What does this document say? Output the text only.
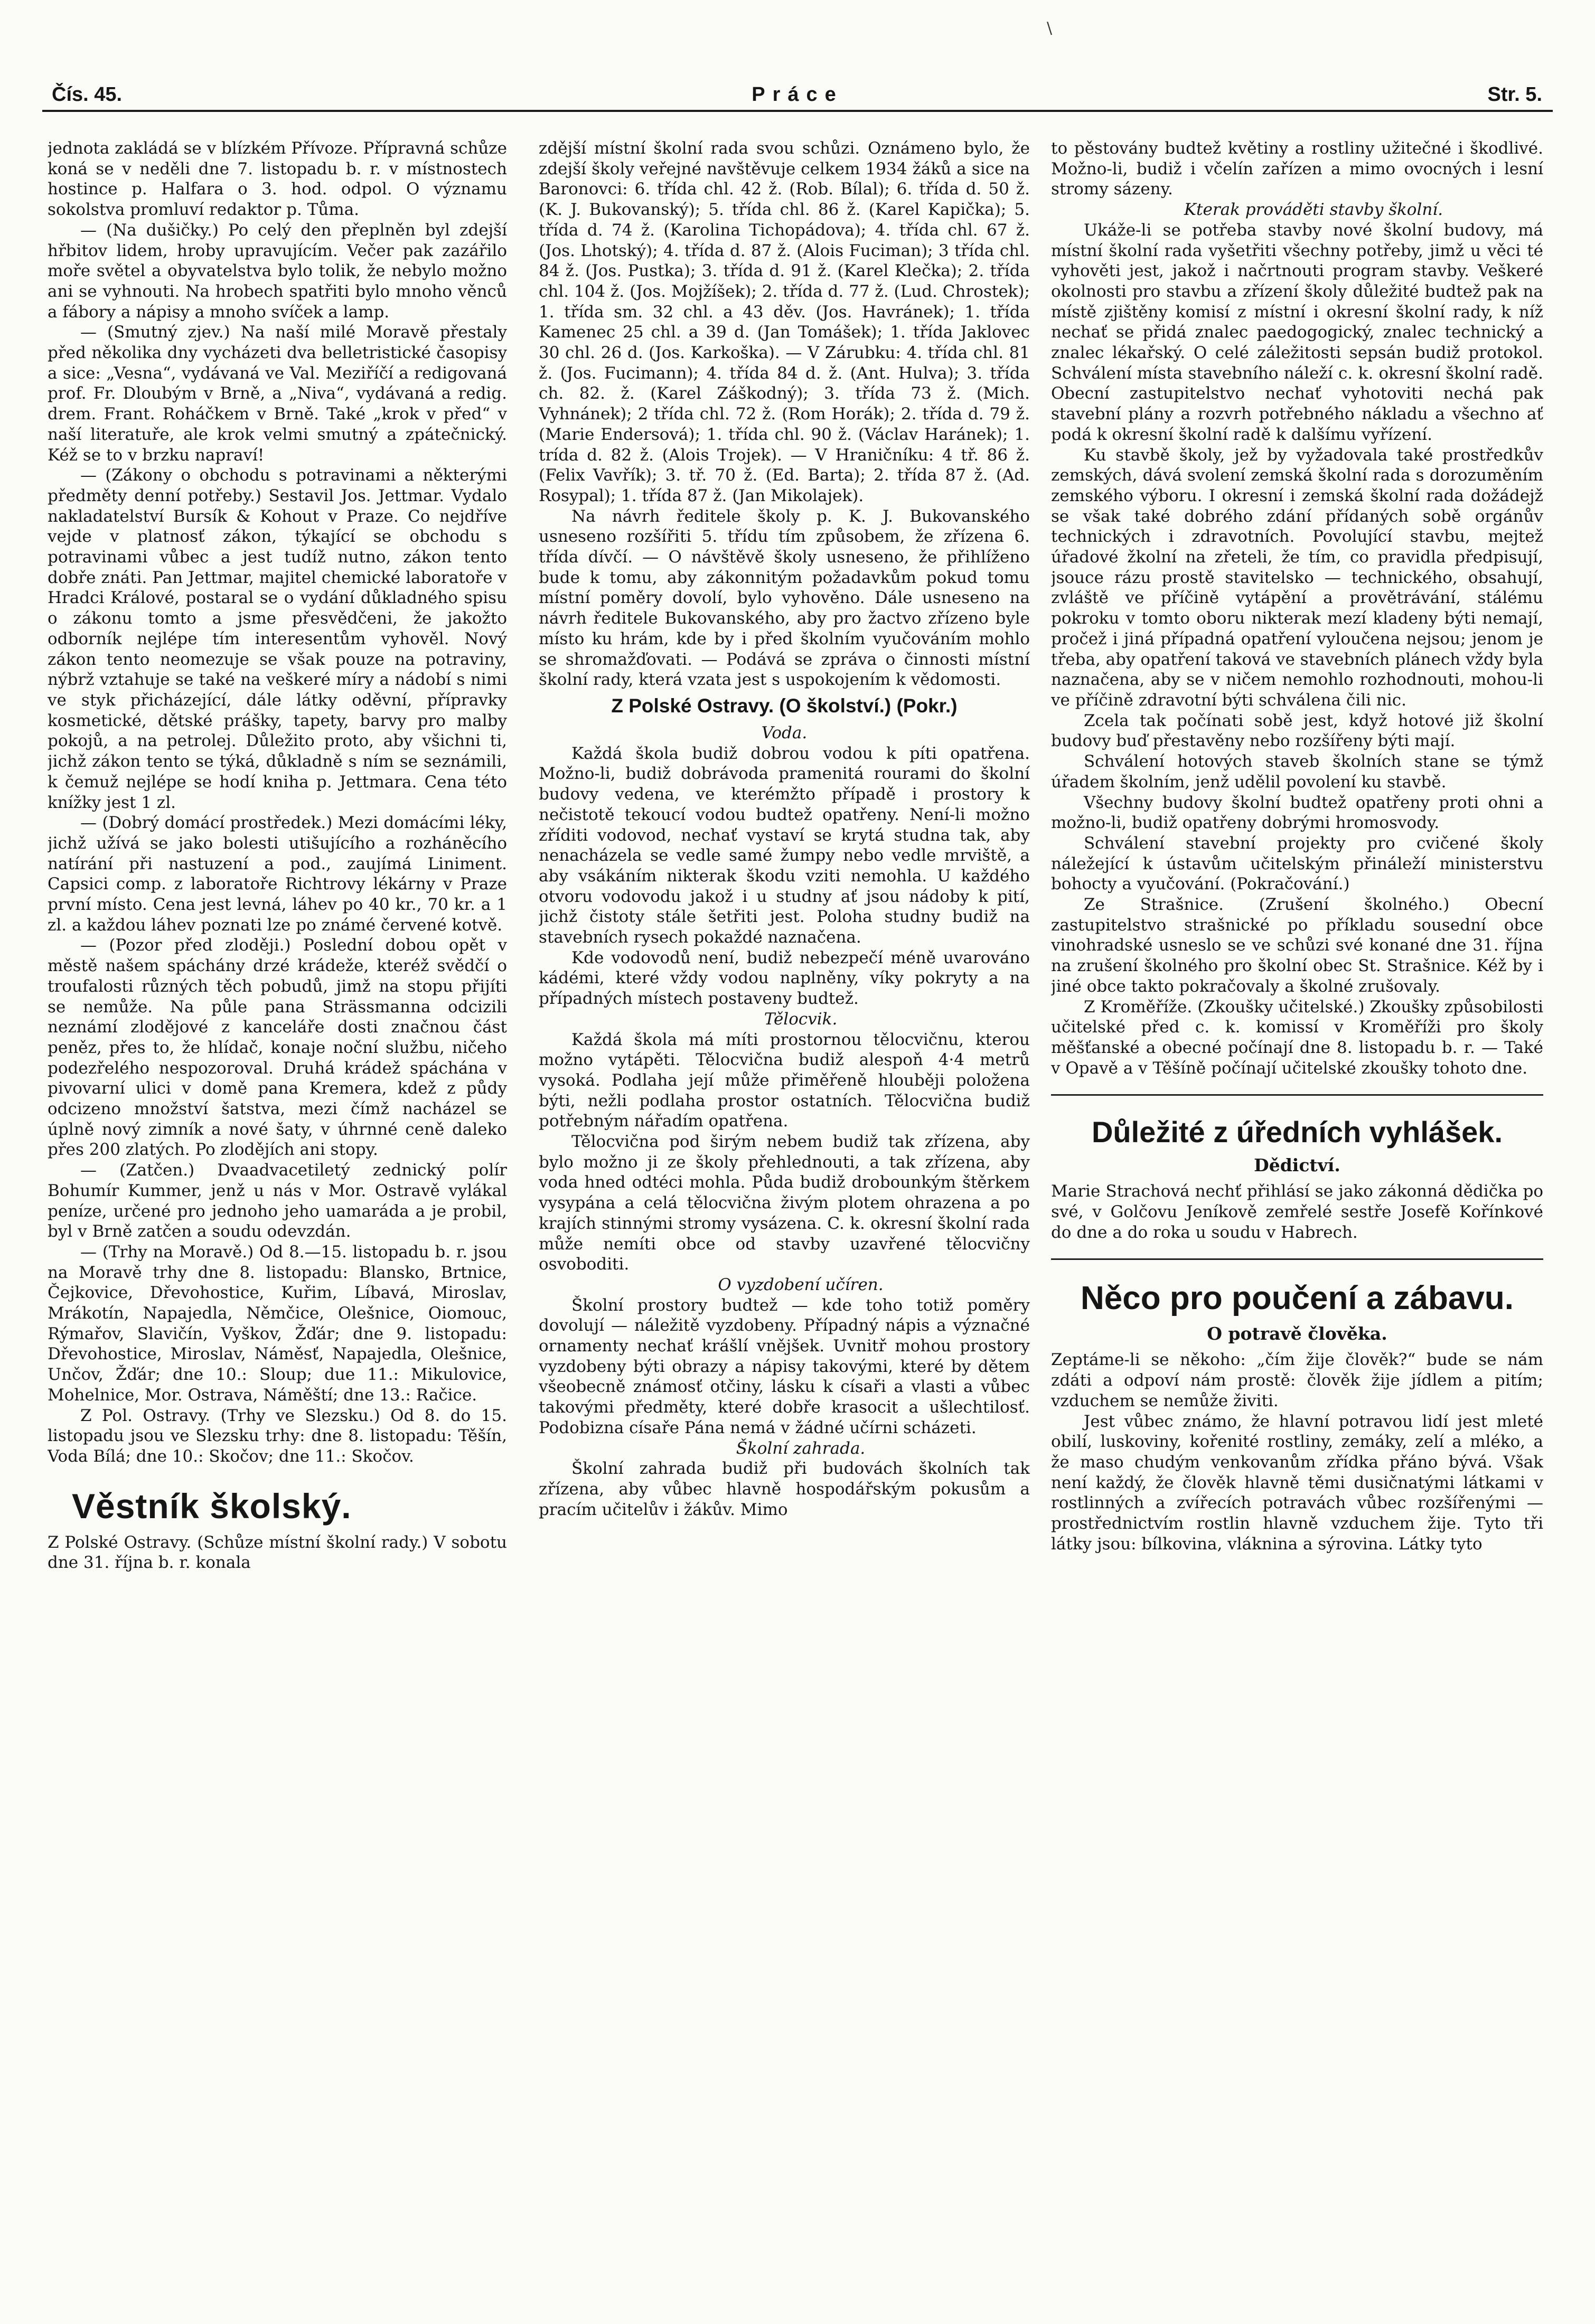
\
Čís. 45.	Práce	Str. 5.

jednota zakládá se v blízkém Přívoze. Přípravná schůze koná se v neděli dne 7. listopadu b. r. v místnostech hostince p. Halfara o 3. hod. odpol. O významu sokolstva promluví redaktor p. Tůma.

— (Na dušičky.) Po celý den přeplněn byl zdejší hřbitov lidem, hroby upravujícím. Večer pak zazářilo moře světel a obyvatelstva bylo tolik, že nebylo možno ani se vyhnouti. Na hrobech spatřiti bylo mnoho věnců a fábory a nápisy a mnoho svíček a lamp.

— (Smutný zjev.) Na naší milé Moravě přestaly před několika dny vycházeti dva belletristické časopisy a sice: „Vesna“, vydávaná ve Val. Meziříčí a redigovaná prof. Fr. Dloubým v Brně, a „Niva“, vydávaná a redig. drem. Frant. Roháčkem v Brně. Také „krok v před“ v naší literatuře, ale krok velmi smutný a zpátečnický. Kéž se to v brzku napraví!

— (Zákony o obchodu s potravinami a některými předměty denní potřeby.) Sestavil Jos. Jettmar. Vydalo nakladatelství Bursík & Kohout v Praze. Co nejdříve vejde v platnosť zákon, týkající se obchodu s potravinami vůbec a jest tudíž nutno, zákon tento dobře znáti. Pan Jettmar, majitel chemické laboratoře v Hradci Králové, postaral se o vydání důkladného spisu o zákonu tomto a jsme přesvědčeni, že jakožto odborník nejlépe tím interesentům vyhověl. Nový zákon tento neomezuje se však pouze na potraviny, nýbrž vztahuje se také na veškeré míry a nádobí s nimi ve styk přicházející, dále látky oděvní, přípravky kosmetické, dětské prášky, tapety, barvy pro malby pokojů, a na petrolej. Důležito proto, aby všichni ti, jichž zákon tento se týká, důkladně s ním se seznámili, k čemuž nejlépe se hodí kniha p. Jettmara. Cena této knížky jest 1 zl.

— (Dobrý domácí prostředek.) Mezi domácími léky, jichž užívá se jako bolesti utišujícího a rozháněcího natírání při nastuzení a pod., zaujímá Liniment. Capsici comp. z laboratoře Richtrovy lékárny v Praze první místo. Cena jest levná, láhev po 40 kr., 70 kr. a 1 zl. a každou láhev poznati lze po známé červené kotvě.

— (Pozor před zloději.) Poslední dobou opět v městě našem spáchány drzé krádeže, kteréž svědčí o troufalosti různých těch pobudů, jimž na stopu přijíti se nemůže. Na půle pana Strässmanna odcizili neznámí zlodějové z kanceláře dosti značnou část peněz, přes to, že hlídač, konaje noční službu, ničeho podezřelého nespozoroval. Druhá krádež spáchána v pivovarní ulici v domě pana Kremera, kdež z půdy odcizeno množství šatstva, mezi čímž nacházel se úplně nový zimník a nové šaty, v úhrnné ceně daleko přes 200 zlatých. Po zlodějích ani stopy.

— (Zatčen.) Dvaadvacetiletý zednický polír Bohumír Kummer, jenž u nás v Mor. Ostravě vylákal peníze, určené pro jednoho jeho uamaráda a je probil, byl v Brně zatčen a soudu odevzdán.

— (Trhy na Moravě.) Od 8.—15. listopadu b. r. jsou na Moravě trhy dne 8. listopadu: Blansko, Brtnice, Čejkovice, Dřevohostice, Kuřim, Líbavá, Miroslav, Mrákotín, Napajedla, Němčice, Olešnice, Oiomouc, Rýmařov, Slavičín, Vyškov, Žďár; dne 9. listopadu: Dřevohostice, Miroslav, Náměsť, Napajedla, Olešnice, Unčov, Žďár; dne 10.: Sloup; due 11.: Mikulovice, Mohelnice, Mor. Ostrava, Náměští; dne 13.: Račice.

Z Pol. Ostravy. (Trhy ve Slezsku.) Od 8. do 15. listopadu jsou ve Slezsku trhy: dne 8. listopadu: Těšín, Voda Bílá; dne 10.: Skočov; dne 11.: Skočov.

Věstník školský.

Z Polské Ostravy. (Schůze místní školní rady.) V sobotu dne 31. října b. r. konala

zdější místní školní rada svou schůzi. Oznámeno bylo, že zdejší školy veřejné navštěvuje celkem 1934 žáků a sice na Baronovci: 6. třída chl. 42 ž. (Rob. Bílal); 6. třída d. 50 ž. (K. J. Bukovanský); 5. třída chl. 86 ž. (Karel Kapička); 5. třída d. 74 ž. (Karolina Tichopádova); 4. třída chl. 67 ž. (Jos. Lhotský); 4. třída d. 87 ž. (Alois Fuciman); 3 třída chl. 84 ž. (Jos. Pustka); 3. třída d. 91 ž. (Karel Klečka); 2. třída chl. 104 ž. (Jos. Mojžíšek); 2. třída d. 77 ž. (Lud. Chrostek); 1. třída sm. 32 chl. a 43 děv. (Jos. Havránek); 1. třída Kamenec 25 chl. a 39 d. (Jan Tomášek); 1. třída Jaklovec 30 chl. 26 d. (Jos. Karkoška). — V Zárubku: 4. třída chl. 81 ž. (Jos. Fucimann); 4. třída 84 d. ž. (Ant. Hulva); 3. třída ch. 82. ž. (Karel Záškodný); 3. třída 73 ž. (Mich. Vyhnánek); 2 třída chl. 72 ž. (Rom Horák); 2. třída d. 79 ž. (Marie Endersová); 1. třída chl. 90 ž. (Václav Haránek); 1. trída d. 82 ž. (Alois Trojek). — V Hraničníku: 4 tř. 86 ž. (Felix Vavřík); 3. tř. 70 ž. (Ed. Barta); 2. třída 87 ž. (Ad. Rosypal); 1. třída 87 ž. (Jan Mikolajek).

Na návrh ředitele školy p. K. J. Bukovanského usneseno rozšířiti 5. třídu tím způsobem, že zřízena 6. třída dívčí. — O návštěvě školy usneseno, že přihlíženo bude k tomu, aby zákonnitým požadavkům pokud tomu místní poměry dovolí, bylo vyhověno. Dále usneseno na návrh ředitele Bukovanského, aby pro žactvo zřízeno byle místo ku hrám, kde by i před školním vyučováním mohlo se shromažďovati. — Podává se zpráva o činnosti místní školní rady, která vzata jest s uspokojením k vědomosti.

Z Polské Ostravy. (O školství.) (Pokr.)

Voda.

Každá škola budiž dobrou vodou k píti opatřena. Možno-li, budiž dobrávoda pramenitá rourami do školní budovy vedena, ve kterémžto případě i prostory k nečistotě tekoucí vodou budtež opatřeny. Není-li možno zříditi vodovod, nechať vystaví se krytá studna tak, aby nenacházela se vedle samé žumpy nebo vedle mrviště, a aby vsákáním nikterak škodu vziti nemohla. U každého otvoru vodovodu jakož i u studny ať jsou nádoby k pití, jichž čistoty stále šetřiti jest. Poloha studny budiž na stavebních rysech pokaždé naznačena.

Kde vodovodů není, budiž nebezpečí méně uvarováno kádémi, které vždy vodou naplněny, víky pokryty a na případných místech postaveny budtež.

Tělocvik.

Každá škola má míti prostornou tělocvičnu, kterou možno vytápěti. Tělocvična budiž alespoň 4·4 metrů vysoká. Podlaha její může přiměřeně hlouběji položena býti, nežli podlaha prostor ostatních. Tělocvična budiž potřebným nářadím opatřena.

Tělocvična pod širým nebem budiž tak zřízena, aby bylo možno ji ze školy přehlednouti, a tak zřízena, aby voda hned odtéci mohla. Půda budiž drobounkým štěrkem vysypána a celá tělocvična živým plotem ohrazena a po krajích stinnými stromy vysázena. C. k. okresní školní rada může nemíti obce od stavby uzavřené tělocvičny osvoboditi.

O vyzdobení učíren.

Školní prostory budtež — kde toho totiž poměry dovolují — náležitě vyzdobeny. Případný nápis a význačné ornamenty nechať krášlí vnějšek. Uvnitř mohou prostory vyzdobeny býti obrazy a nápisy takovými, které by dětem všeobecně známosť otčiny, lásku k císaři a vlasti a vůbec takovými předměty, které dobře krasocit a ušlechtilosť. Podobizna císaře Pána nemá v žádné učírni scházeti.

Školní zahrada.

Školní zahrada budiž při budovách školních tak zřízena, aby vůbec hlavně hospodářským pokusům a pracím učitelův i žákův. Mimo

to pěstovány budtež květiny a rostliny užitečné i škodlivé. Možno-li, budiž i včelín zařízen a mimo ovocných i lesní stromy sázeny.

Kterak prováděti stavby školní.

Ukáže-li se potřeba stavby nové školní budovy, má místní školní rada vyšetřiti všechny potřeby, jimž u věci té vyhověti jest, jakož i načrtnouti program stavby. Veškeré okolnosti pro stavbu a zřízení školy důležité budtež pak na místě zjištěny komisí z místní i okresní školní rady, k níž nechať se přidá znalec paedogogický, znalec technický a znalec lékařský. O celé záležitosti sepsán budiž protokol. Schválení místa stavebního náleží c. k. okresní školní radě. Obecní zastupitelstvo nechať vyhotoviti nechá pak stavební plány a rozvrh potřebného nákladu a všechno ať podá k okresní školní radě k dalšímu vyřízení.

Ku stavbě školy, jež by vyžadovala také prostředkův zemských, dává svolení zemská školní rada s dorozuměním zemského výboru. I okresní i zemská školní rada dožádejž se však také dobrého zdání přídaných sobě orgánův technických i zdravotních. Povolující stavbu, mejtež úřadové žkolní na zřeteli, že tím, co pravidla předpisují, jsouce rázu prostě stavitelsko — technického, obsahují, zvláště ve příčině vytápění a provětrávání, stálému pokroku v tomto oboru nikterak mezí kladeny býti nemají, pročež i jiná případná opatření vyloučena nejsou; jenom je třeba, aby opatření taková ve stavebních plánech vždy byla naznačena, aby se v ničem nemohlo rozhodnouti, mohou-li ve příčině zdravotní býti schválena čili nic.

Zcela tak počínati sobě jest, když hotové již školní budovy buď přestavěny nebo rozšířeny býti mají.

Schválení hotových staveb školních stane se týmž úřadem školním, jenž udělil povolení ku stavbě.

Všechny budovy školní budtež opatřeny proti ohni a možno-li, budiž opatřeny dobrými hromosvody.

Schválení stavební projekty pro cvičené školy náležející k ústavům učitelským přináleží ministerstvu bohocty a vyučování. (Pokračování.)

Ze Strašnice. (Zrušení školného.) Obecní zastupitelstvo strašnické po příkladu sousední obce vinohradské usneslo se ve schůzi své konané dne 31. října na zrušení školného pro školní obec St. Strašnice. Kéž by i jiné obce takto pokračovaly a školné zrušovaly.

Z Kroměříže. (Zkoušky učitelské.) Zkoušky způsobilosti učitelské před c. k. komissí v Kroměříži pro školy měšťanské a obecné počínají dne 8. listopadu b. r. — Také v Opavě a v Těšíně počínají učitelské zkoušky tohoto dne.

Důležité z úředních vyhlášek.
Dědictví.

Marie Strachová nechť přihlásí se jako zákonná dědička po své, v Golčovu Jeníkově zemřelé sestře Josefě Kořínkové do dne a do roka u soudu v Habrech.

Něco pro poučení a zábavu.
O potravě člověka.

Zeptáme-li se někoho: „čím žije člověk?“ bude se nám zdáti a odpoví nám prostě: člověk žije jídlem a pitím; vzduchem se nemůže živiti.

Jest vůbec známo, že hlavní potravou lidí jest mleté obilí, luskoviny, kořenité rostliny, zemáky, zelí a mléko, a že maso chudým venkovanům zřídka přáno bývá. Však není každý, že člověk hlavně těmi dusičnatými látkami v rostlinných a zvířecích potravách vůbec rozšířenými — prostřednictvím rostlin hlavně vzduchem žije. Tyto tři látky jsou: bílkovina, vláknina a sýrovina. Látky tyto
